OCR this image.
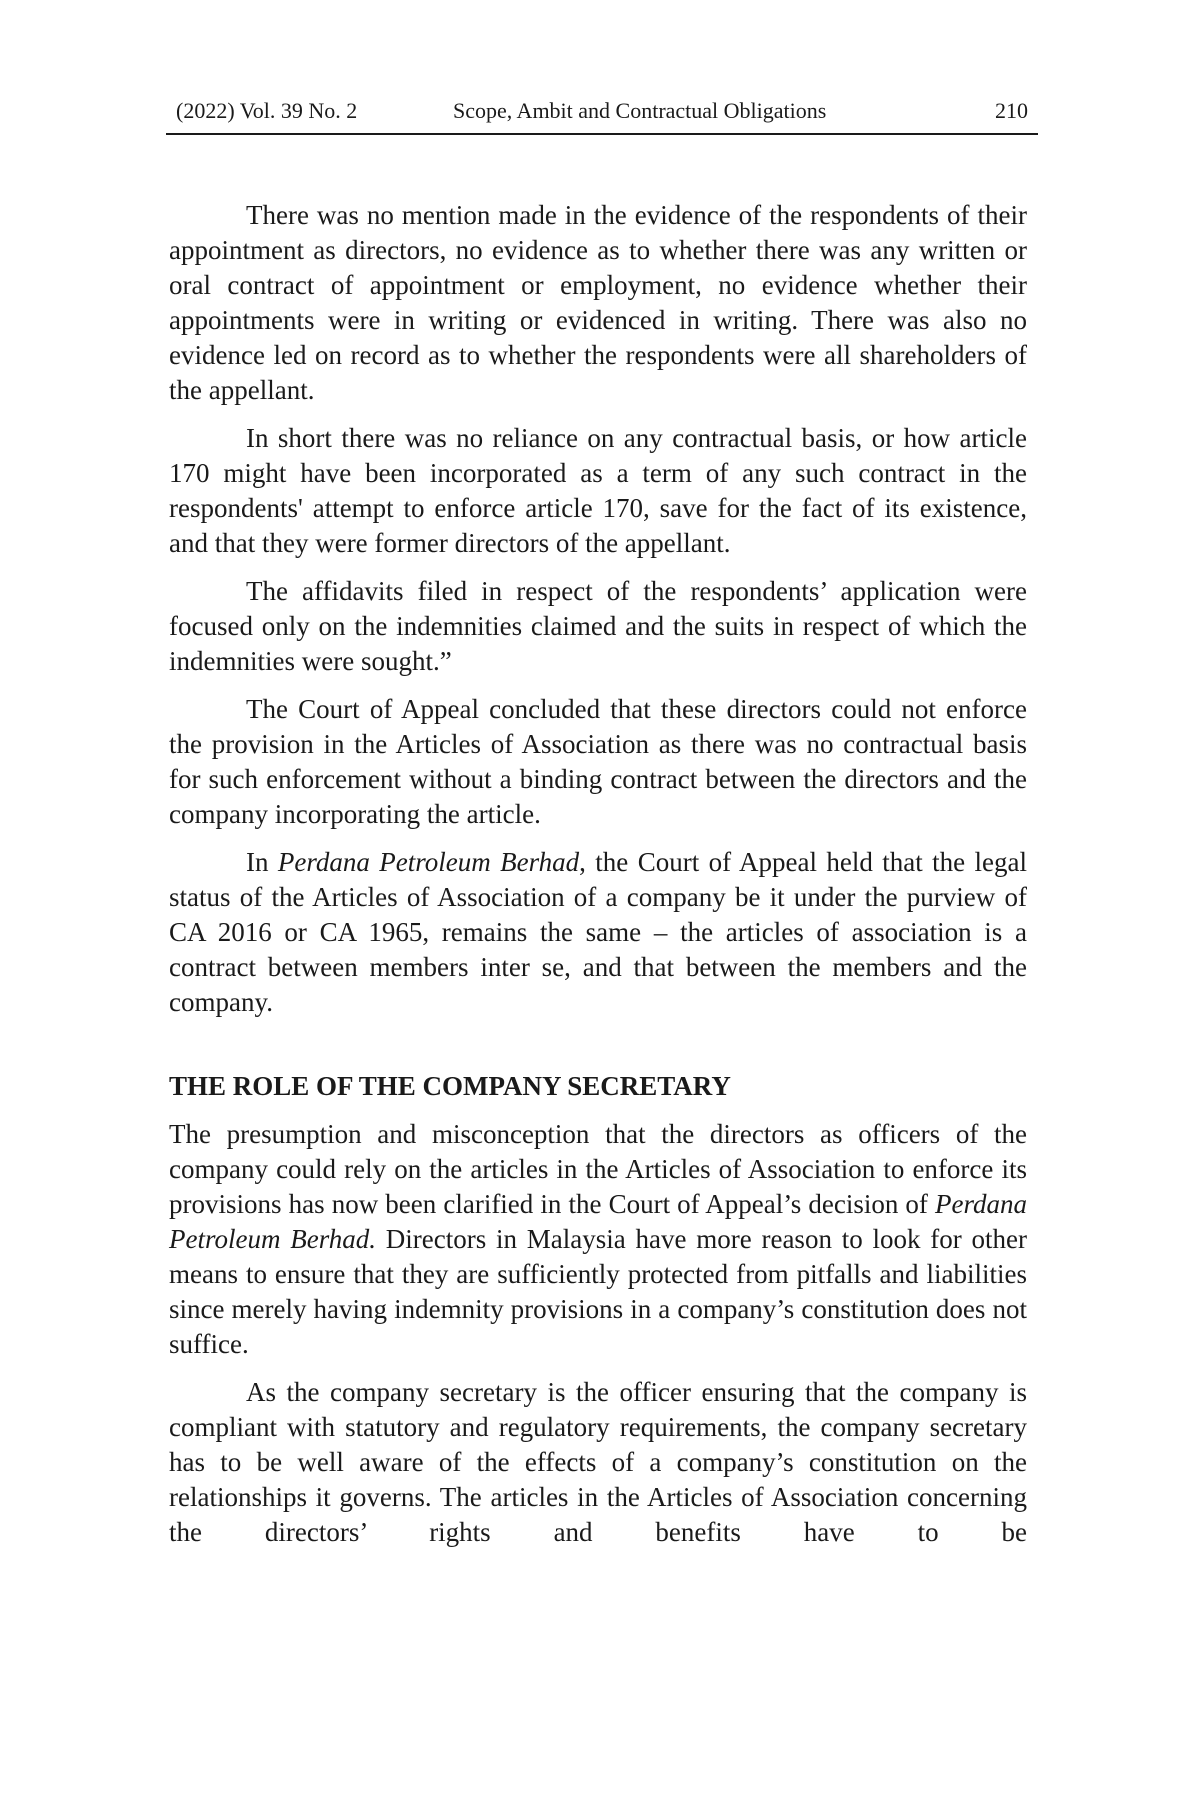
(2022) Vol. 39 No. 2	Scope, Ambit and Contractual Obligations	210

There was no mention made in the evidence of the respondents of their appointment as directors, no evidence as to whether there was any written or oral contract of appointment or employment, no evidence whether their appointments were in writing or evidenced in writing. There was also no evidence led on record as to whether the respondents were all shareholders of the appellant.

In short there was no reliance on any contractual basis, or how article 170 might have been incorporated as a term of any such contract in the respondents' attempt to enforce article 170, save for the fact of its existence, and that they were former directors of the appellant.

The affidavits filed in respect of the respondents’ application were focused only on the indemnities claimed and the suits in respect of which the indemnities were sought.”

The Court of Appeal concluded that these directors could not enforce the provision in the Articles of Association as there was no contractual basis for such enforcement without a binding contract between the directors and the company incorporating the article.

In Perdana Petroleum Berhad, the Court of Appeal held that the legal status of the Articles of Association of a company be it under the purview of CA 2016 or CA 1965, remains the same – the articles of association is a contract between members inter se, and that between the members and the company.

THE ROLE OF THE COMPANY SECRETARY

The presumption and misconception that the directors as officers of the company could rely on the articles in the Articles of Association to enforce its provisions has now been clarified in the Court of Appeal’s decision of Perdana Petroleum Berhad. Directors in Malaysia have more reason to look for other means to ensure that they are sufficiently protected from pitfalls and liabilities since merely having indemnity provisions in a company’s constitution does not suffice.

As the company secretary is the officer ensuring that the company is compliant with statutory and regulatory requirements, the company secretary has to be well aware of the effects of a company’s constitution on the relationships it governs. The articles in the Articles of Association concerning the directors’ rights and benefits have to be
